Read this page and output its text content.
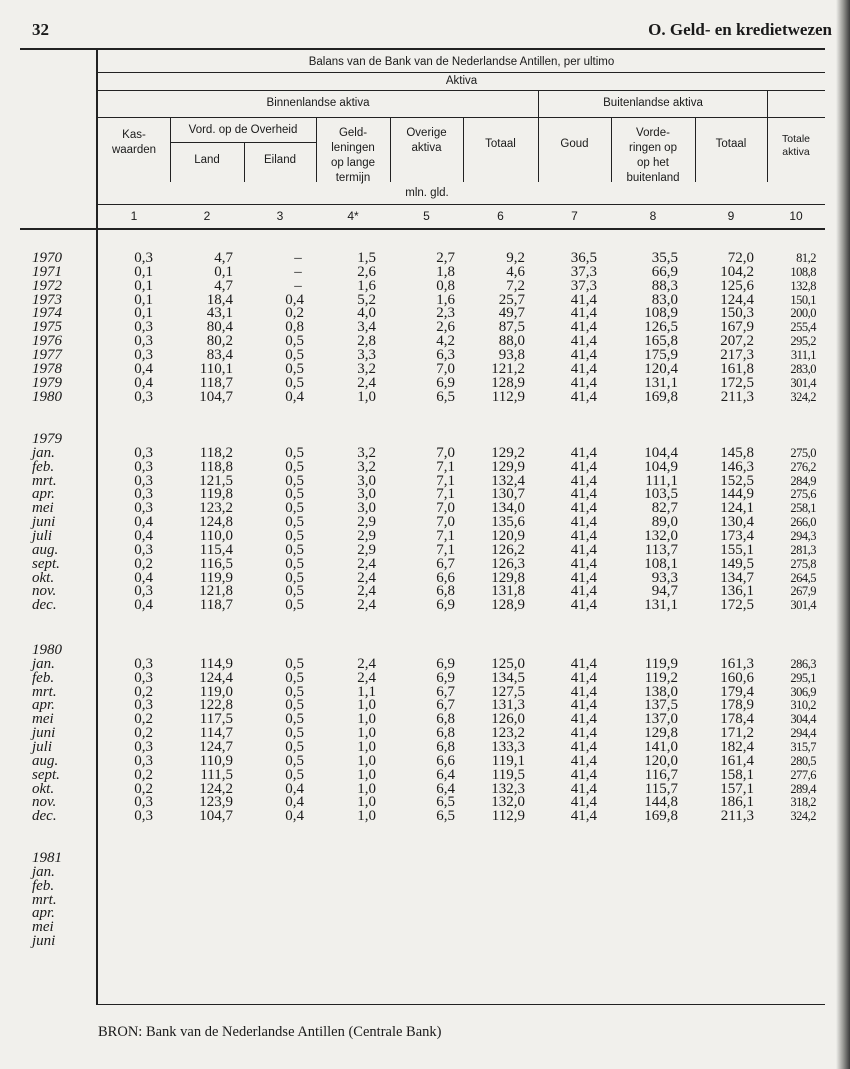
32	O. Geld- en kredietwezen
Balans van de Bank van de Nederlandse Antillen, per ultimo
Aktiva
Binnenlandse aktiva	Buitenlandse aktiva
Vord. op de Overheid
mln. gld.
Kas-
waarden
1
Land
2
Eiland
3
Geld-
leningen
op lange
termijn
4*
Overige
aktiva
5
Totaal
6
Goud
7
Vorde-
ringen op
op het
buitenland
8
Totaal
9
Totale
aktiva
10
1970	0,3	4,7	–	1,5	2,7	9,2	36,5	35,5	72,0	81,2
1971	0,1	0,1	–	2,6	1,8	4,6	37,3	66,9	104,2	108,8
1972	0,1	4,7	–	1,6	0,8	7,2	37,3	88,3	125,6	132,8
1973	0,1	18,4	0,4	5,2	1,6	25,7	41,4	83,0	124,4	150,1
1974	0,1	43,1	0,2	4,0	2,3	49,7	41,4	108,9	150,3	200,0
1975	0,3	80,4	0,8	3,4	2,6	87,5	41,4	126,5	167,9	255,4
1976	0,3	80,2	0,5	2,8	4,2	88,0	41,4	165,8	207,2	295,2
1977	0,3	83,4	0,5	3,3	6,3	93,8	41,4	175,9	217,3	311,1
1978	0,4	110,1	0,5	3,2	7,0	121,2	41,4	120,4	161,8	283,0
1979	0,4	118,7	0,5	2,4	6,9	128,9	41,4	131,1	172,5	301,4
1980	0,3	104,7	0,4	1,0	6,5	112,9	41,4	169,8	211,3	324,2
1979
jan.	0,3	118,2	0,5	3,2	7,0	129,2	41,4	104,4	145,8	275,0
feb.	0,3	118,8	0,5	3,2	7,1	129,9	41,4	104,9	146,3	276,2
mrt.	0,3	121,5	0,5	3,0	7,1	132,4	41,4	111,1	152,5	284,9
apr.	0,3	119,8	0,5	3,0	7,1	130,7	41,4	103,5	144,9	275,6
mei	0,3	123,2	0,5	3,0	7,0	134,0	41,4	82,7	124,1	258,1
juni	0,4	124,8	0,5	2,9	7,0	135,6	41,4	89,0	130,4	266,0
juli	0,4	110,0	0,5	2,9	7,1	120,9	41,4	132,0	173,4	294,3
aug.	0,3	115,4	0,5	2,9	7,1	126,2	41,4	113,7	155,1	281,3
sept.	0,2	116,5	0,5	2,4	6,7	126,3	41,4	108,1	149,5	275,8
okt.	0,4	119,9	0,5	2,4	6,6	129,8	41,4	93,3	134,7	264,5
nov.	0,3	121,8	0,5	2,4	6,8	131,8	41,4	94,7	136,1	267,9
dec.	0,4	118,7	0,5	2,4	6,9	128,9	41,4	131,1	172,5	301,4
1980
jan.	0,3	114,9	0,5	2,4	6,9	125,0	41,4	119,9	161,3	286,3
feb.	0,3	124,4	0,5	2,4	6,9	134,5	41,4	119,2	160,6	295,1
mrt.	0,2	119,0	0,5	1,1	6,7	127,5	41,4	138,0	179,4	306,9
apr.	0,3	122,8	0,5	1,0	6,7	131,3	41,4	137,5	178,9	310,2
mei	0,2	117,5	0,5	1,0	6,8	126,0	41,4	137,0	178,4	304,4
juni	0,2	114,7	0,5	1,0	6,8	123,2	41,4	129,8	171,2	294,4
juli	0,3	124,7	0,5	1,0	6,8	133,3	41,4	141,0	182,4	315,7
aug.	0,3	110,9	0,5	1,0	6,6	119,1	41,4	120,0	161,4	280,5
sept.	0,2	111,5	0,5	1,0	6,4	119,5	41,4	116,7	158,1	277,6
okt.	0,2	124,2	0,4	1,0	6,4	132,3	41,4	115,7	157,1	289,4
nov.	0,3	123,9	0,4	1,0	6,5	132,0	41,4	144,8	186,1	318,2
dec.	0,3	104,7	0,4	1,0	6,5	112,9	41,4	169,8	211,3	324,2
1981
jan.
feb.
mrt.
apr.
mei
juni
BRON: Bank van de Nederlandse Antillen (Centrale Bank)
